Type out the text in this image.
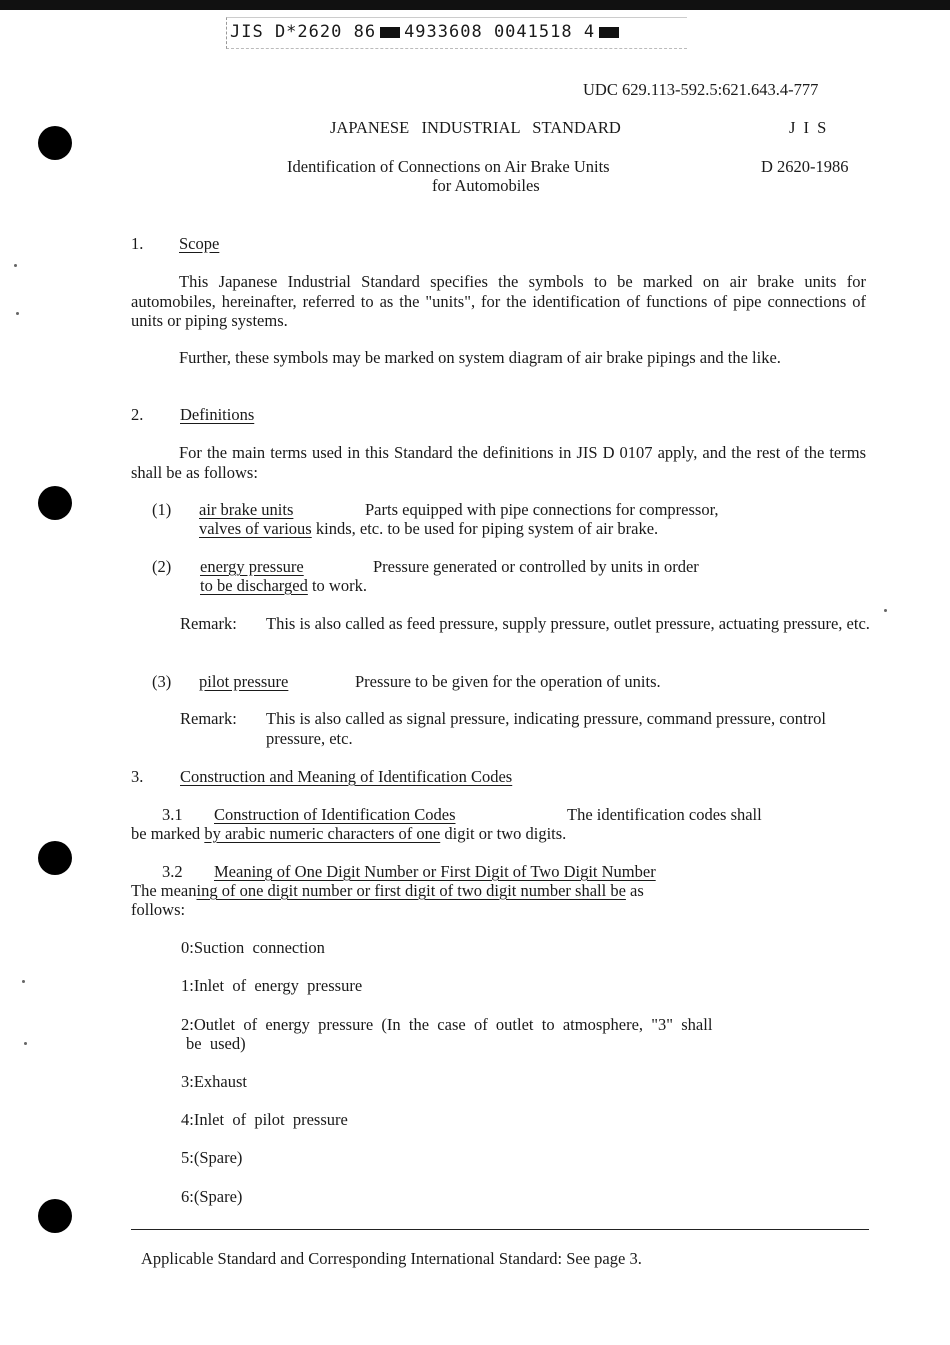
JIS D*2620 86 4933608 0041518 4
UDC 629.113-592.5:621.643.4-777
JAPANESE   INDUSTRIAL   STANDARD	J I S
Identification of Connections on Air Brake Units
for Automobiles
D 2620-1986
1. Scope
This Japanese Industrial Standard specifies the symbols to be marked on air brake units for automobiles, hereinafter, referred to as the "units", for the identification of functions of pipe connections of units or piping systems.
Further, these symbols may be marked on system diagram of air brake pipings and the like.
2. Definitions
For the main terms used in this Standard the definitions in JIS D 0107 apply, and the rest of the terms shall be as follows:
(1) air brake units	Parts equipped with pipe connections for compressor,
valves of various kinds, etc. to be used for piping system of air brake.
(2) energy pressure	Pressure generated or controlled by units in order
to be discharged to work.
Remark: This is also called as feed pressure, supply pressure, outlet pressure, actuating pressure, etc.
(3) pilot pressure	Pressure to be given for the operation of units.
Remark: This is also called as signal pressure, indicating pressure, command pressure, control pressure, etc.
3. Construction and Meaning of Identification Codes
3.1 Construction of Identification Codes	The identification codes shall
be marked by arabic numeric characters of one digit or two digits.
3.2 Meaning of One Digit Number or First Digit of Two Digit Number
The meaning of one digit number or first digit of two digit number shall be as
follows:
0:Suction  connection
1:Inlet  of  energy  pressure
2:Outlet  of  energy  pressure  (In  the  case  of  outlet  to  atmosphere,  "3"  shall
be  used)
3:Exhaust
4:Inlet  of  pilot  pressure
5:(Spare)
6:(Spare)
Applicable Standard and Corresponding International Standard: See page 3.
